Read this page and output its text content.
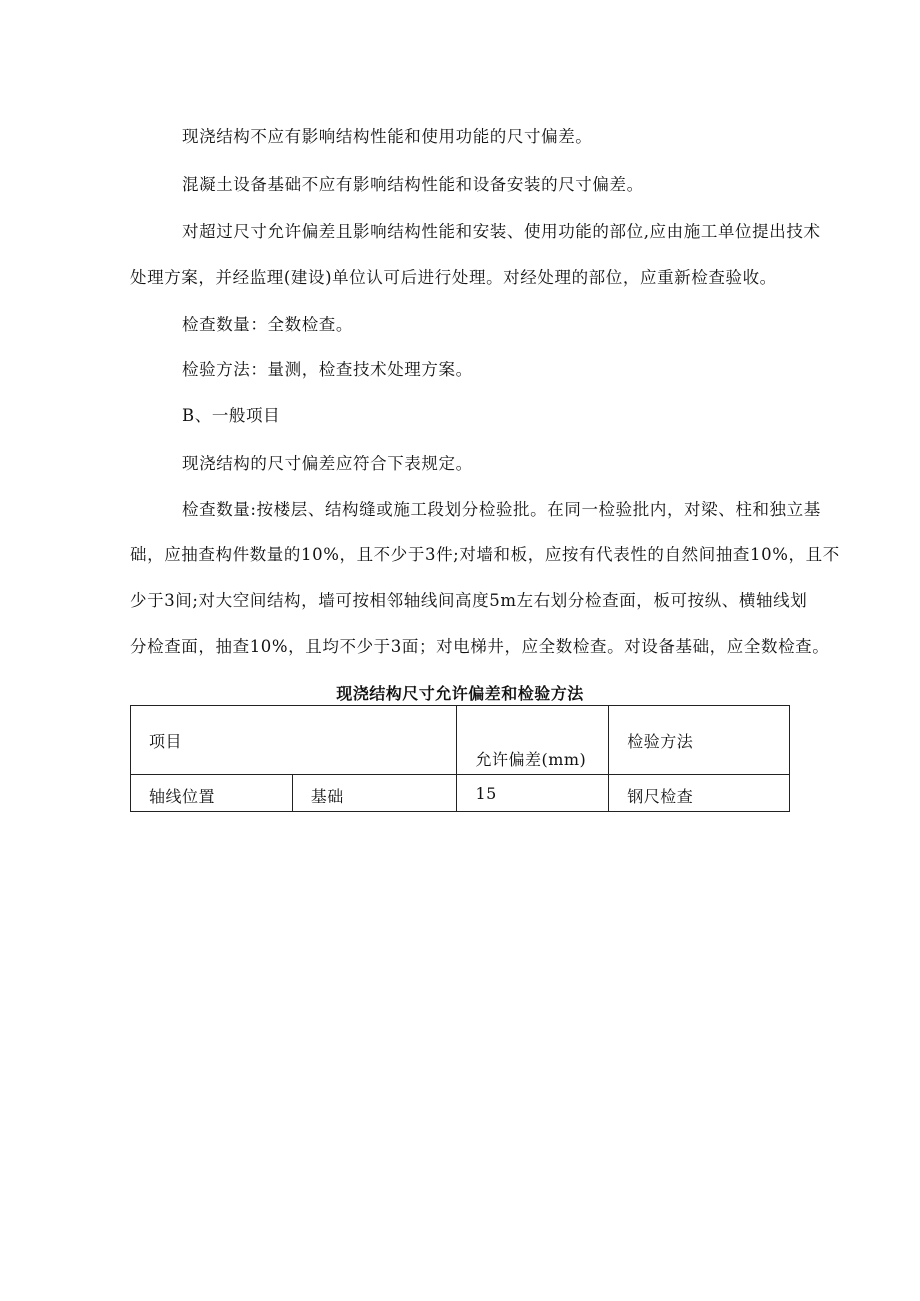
现浇结构不应有影响结构性能和使用功能的尺寸偏差。

混凝土设备基础不应有影响结构性能和设备安装的尺寸偏差。

对超过尺寸允许偏差且影响结构性能和安装、使用功能的部位,应由施工单位提出技术

处理方案，并经监理(建设)单位认可后进行处理。对经处理的部位，应重新检查验收。

检查数量：全数检查。

检验方法：量测，检查技术处理方案。

B、一般项目

现浇结构的尺寸偏差应符合下表规定。

检查数量:按楼层、结构缝或施工段划分检验批。在同一检验批内，对梁、柱和独立基

础，应抽查构件数量的10%，且不少于3件;对墙和板，应按有代表性的自然间抽查10%，且不

少于3间;对大空间结构，墙可按相邻轴线间高度5m左右划分检查面，板可按纵、横轴线划

分检查面，抽查10%，且均不少于3面；对电梯井，应全数检查。对设备基础，应全数检查。

现浇结构尺寸允许偏差和检验方法
项目		允许偏差(mm)	检验方法
轴线位置	基础	15	钢尺检查
